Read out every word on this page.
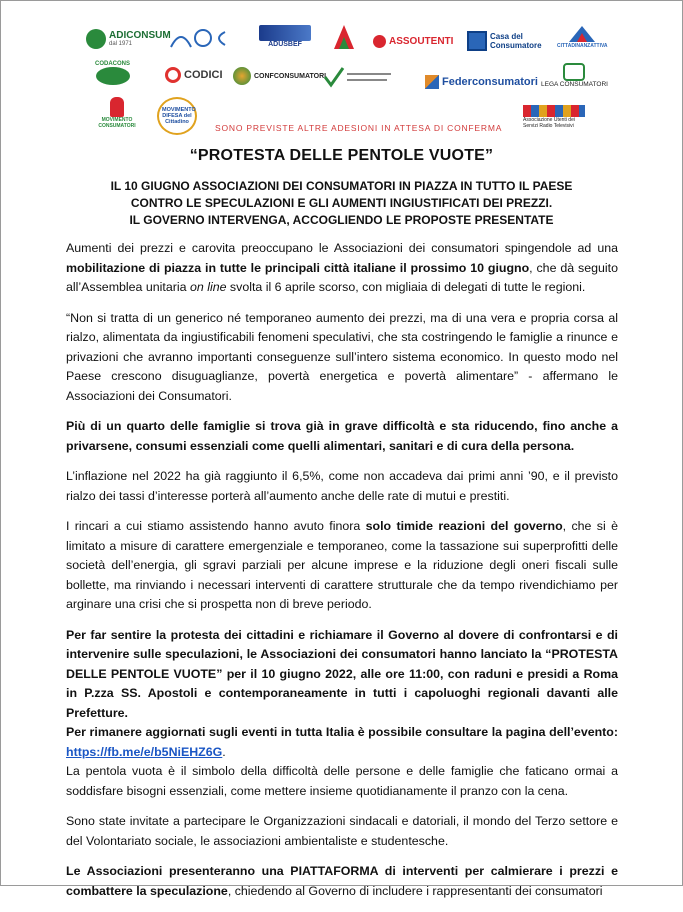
ADICONSUM
dal 1971	ADUSBEF	ASSOUTENTI	Casa del Consumatore	CITTADINANZATTIVA
CODACONS
CODICI	CONFCONSUMATORI	Federconsumatori LEGA CONSUMATORI
MOVIMENTO CONSUMATORI
MOVIMENTO DIFESA del Cittadino
SONO PREVISTE ALTRE ADESIONI IN ATTESA DI CONFERMA
Associazione Utenti dei Servizi Radio Televisivi
“PROTESTA DELLE PENTOLE VUOTE”
IL 10 GIUGNO ASSOCIAZIONI DEI CONSUMATORI IN PIAZZA IN TUTTO IL PAESE
CONTRO LE SPECULAZIONI E GLI AUMENTI INGIUSTIFICATI DEI PREZZI.
IL GOVERNO INTERVENGA, ACCOGLIENDO LE PROPOSTE PRESENTATE

Aumenti dei prezzi e carovita preoccupano le Associazioni dei consumatori spingendole ad una mobilitazione di piazza in tutte le principali città italiane il prossimo 10 giugno, che dà seguito all’Assemblea unitaria on line svolta il 6 aprile scorso, con migliaia di delegati di tutte le regioni.

“Non si tratta di un generico né temporaneo aumento dei prezzi, ma di una vera e propria corsa al rialzo, alimentata da ingiustificabili fenomeni speculativi, che sta costringendo le famiglie a rinunce e privazioni che avranno importanti conseguenze sull’intero sistema economico. In questo modo nel Paese crescono disuguaglianze, povertà energetica e povertà alimentare” - affermano le Associazioni dei Consumatori.

Più di un quarto delle famiglie si trova già in grave difficoltà e sta riducendo, fino anche a privarsene, consumi essenziali come quelli alimentari, sanitari e di cura della persona.

L’inflazione nel 2022 ha già raggiunto il 6,5%, come non accadeva dai primi anni ’90, e il previsto rialzo dei tassi d’interesse porterà all’aumento anche delle rate di mutui e prestiti.

I rincari a cui stiamo assistendo hanno avuto finora solo timide reazioni del governo, che si è limitato a misure di carattere emergenziale e temporaneo, come la tassazione sui superprofitti delle società dell’energia, gli sgravi parziali per alcune imprese e la riduzione degli oneri fiscali sulle bollette, ma rinviando i necessari interventi di carattere strutturale che da tempo rivendichiamo per arginare una crisi che si prospetta non di breve periodo.

Per far sentire la protesta dei cittadini e richiamare il Governo al dovere di confrontarsi e di intervenire sulle speculazioni, le Associazioni dei consumatori hanno lanciato la “PROTESTA DELLE PENTOLE VUOTE” per il 10 giugno 2022, alle ore 11:00, con raduni e presidi a Roma in P.zza SS. Apostoli e contemporaneamente in tutti i capoluoghi regionali davanti alle Prefetture.

Per rimanere aggiornati sugli eventi in tutta Italia è possibile consultare la pagina dell’evento: https://fb.me/e/b5NiEHZ6G.

La pentola vuota è il simbolo della difficoltà delle persone e delle famiglie che faticano ormai a soddisfare bisogni essenziali, come mettere insieme quotidianamente il pranzo con la cena.

Sono state invitate a partecipare le Organizzazioni sindacali e datoriali, il mondo del Terzo settore e del Volontariato sociale, le associazioni ambientaliste e studentesche.

Le Associazioni presenteranno una PIATTAFORMA di interventi per calmierare i prezzi e combattere la speculazione, chiedendo al Governo di includere i rappresentanti dei consumatori
